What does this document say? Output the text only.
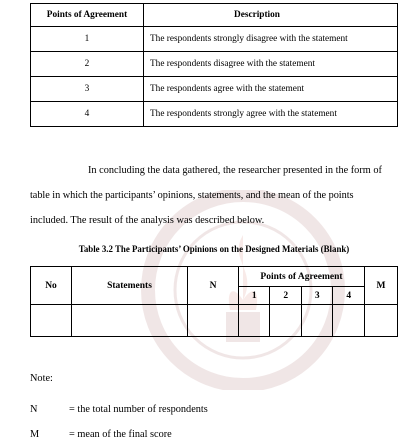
Points of Agreement	Description
1	The respondents strongly disagree with the statement
2	The respondents disagree with the statement
3	The respondents agree with the statement
4	The respondents strongly agree with the statement
In concluding the data gathered, the researcher presented in the form of
table in which the participants’ opinions, statements, and the mean of the points
included. The result of the analysis was described below.
Table 3.2 The Participants’ Opinions on the Designed Materials (Blank)
No	Statements	N	Points of Agreement				M
			1	2	3	4	

Note:
N	= the total number of respondents
M	= mean of the final score
